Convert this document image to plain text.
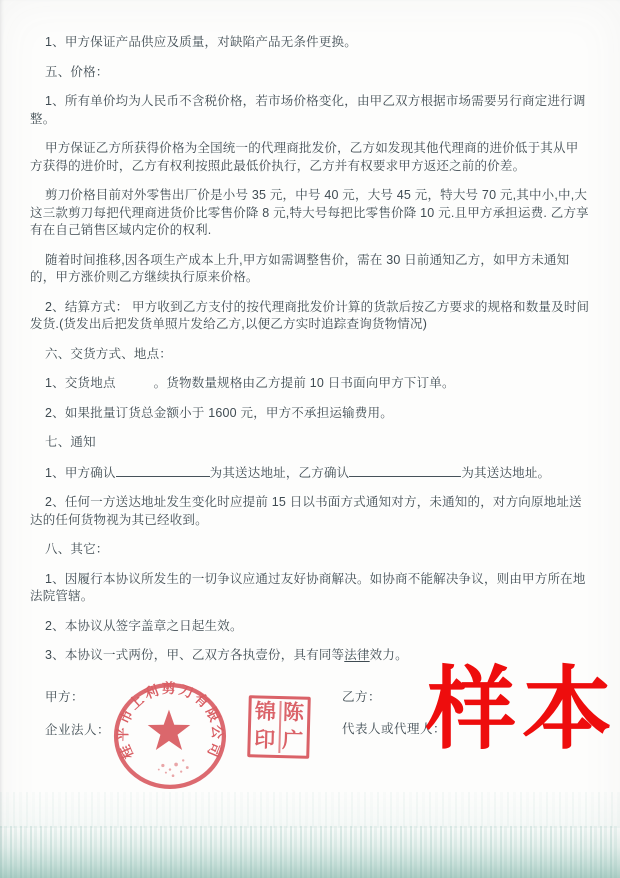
1、甲方保证产品供应及质量，对缺陷产品无条件更换。

五、价格：

1、所有单价均为人民币不含税价格，若市场价格变化，由甲乙双方根据市场需要另行商定进行调整。

甲方保证乙方所获得价格为全国统一的代理商批发价，乙方如发现其他代理商的进价低于其从甲方获得的进价时，乙方有权利按照此最低价执行，乙方并有权要求甲方返还之前的价差。

剪刀价格目前对外零售出厂价是小号 35 元，中号 40 元，大号 45 元，特大号 70 元,其中小,中,大这三款剪刀每把代理商进货价比零售价降 8 元,特大号每把比零售价降 10 元.且甲方承担运费. 乙方享有在自己销售区域内定价的权利.

随着时间推移,因各项生产成本上升,甲方如需调整售价，需在 30 日前通知乙方，如甲方未通知的，甲方涨价则乙方继续执行原来价格。

2、结算方式： 甲方收到乙方支付的按代理商批发价计算的货款后按乙方要求的规格和数量及时间发货.(货发出后把发货单照片发给乙方,以便乙方实时追踪查询货物情况)

六、交货方式、地点：

1、交货地点	。货物数量规格由乙方提前 10 日书面向甲方下订单。

2、如果批量订货总金额小于 1600 元，甲方不承担运输费用。

七、通知

1、甲方确认	为其送达地址，乙方确认	为其送达地址。

2、任何一方送达地址发生变化时应提前 15 日以书面方式通知对方，未通知的，对方向原地址送达的任何货物视为其已经收到。

八、其它：

1、因履行本协议所发生的一切争议应通过友好协商解决。如协商不能解决争议，则由甲方所在地法院管辖。

2、本协议从签字盖章之日起生效。

3、本协议一式两份，甲、乙双方各执壹份，具有同等法律效力。

甲方：	乙方：
企业法人：	代表人或代理人：
桂平市上利剪刀有限公司
锦 陈
印 广 样本
